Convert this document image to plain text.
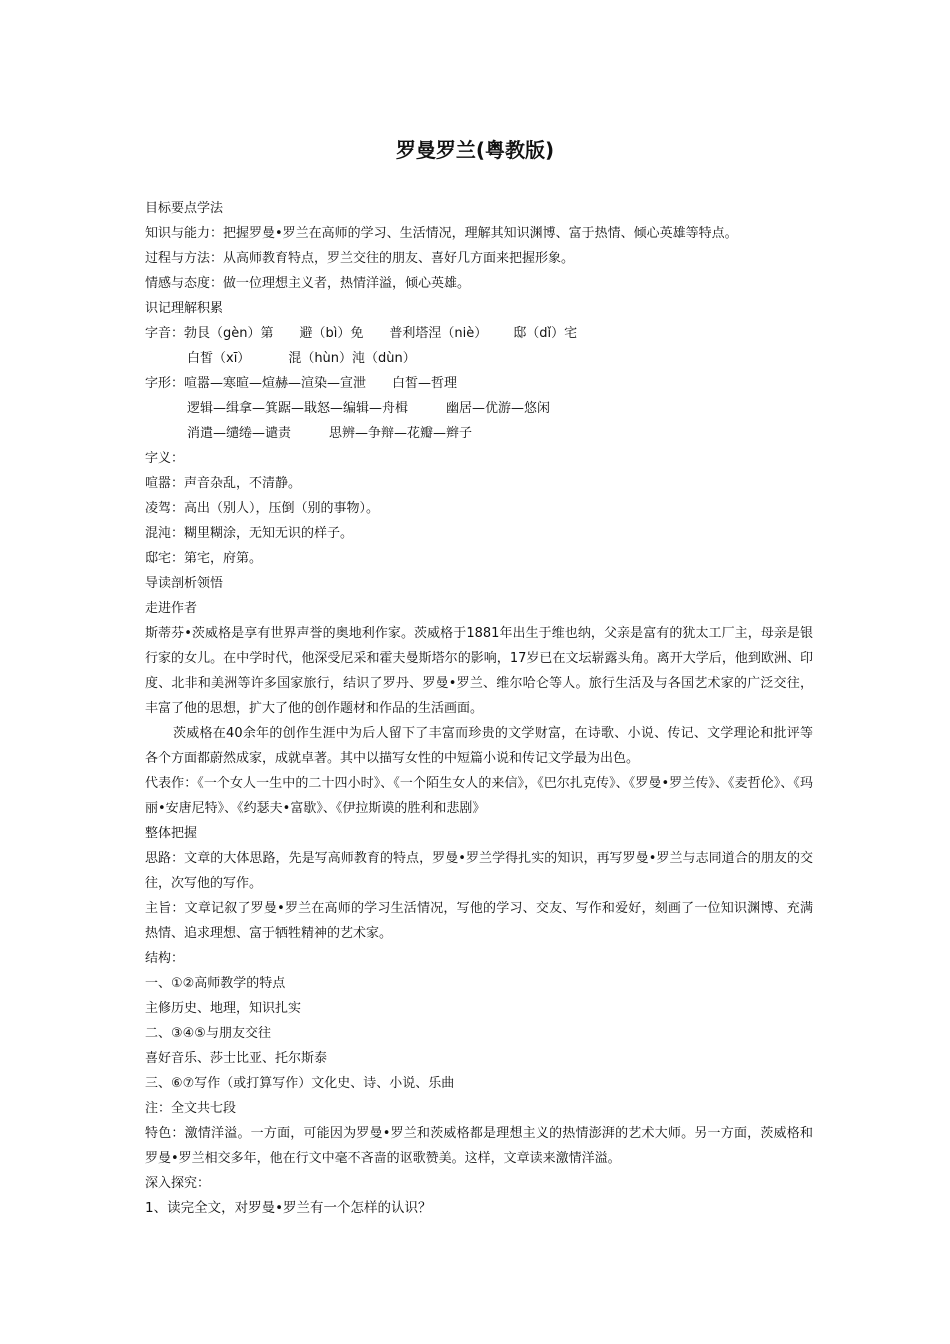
罗曼罗兰(粤教版)
目标要点学法
知识与能力：把握罗曼•罗兰在高师的学习、生活情况，理解其知识渊博、富于热情、倾心英雄等特点。
过程与方法：从高师教育特点，罗兰交往的朋友、喜好几方面来把握形象。
情感与态度：做一位理想主义者，热情洋溢，倾心英雄。
识记理解积累
字音：勃艮（gèn）第 避（bì）免 普利塔涅（niè） 邸（dǐ）宅
白皙（xī）	混（hùn）沌（dùn）
字形：喧嚣—寒暄—煊赫—渲染—宣泄 白皙—哲理
逻辑—缉拿—箕踞—戢怒—编辑—舟楫	幽居—优游—悠闲
消遣—缱绻—谴责	思辨—争辩—花瓣—辫子
字义：
喧嚣：声音杂乱，不清静。
凌驾：高出（别人），压倒（别的事物）。
混沌：糊里糊涂，无知无识的样子。
邸宅：第宅，府第。
导读剖析领悟
走进作者
斯蒂芬•茨威格是享有世界声誉的奥地利作家。茨威格于1881年出生于维也纳，父亲是富有的犹太工厂主，母亲是银行家的女儿。在中学时代，他深受尼采和霍夫曼斯塔尔的影响，17岁已在文坛崭露头角。离开大学后，他到欧洲、印度、北非和美洲等许多国家旅行，结识了罗丹、罗曼•罗兰、维尔哈仑等人。旅行生活及与各国艺术家的广泛交往，丰富了他的思想，扩大了他的创作题材和作品的生活画面。
茨威格在40余年的创作生涯中为后人留下了丰富而珍贵的文学财富，在诗歌、小说、传记、文学理论和批评等各个方面都蔚然成家，成就卓著。其中以描写女性的中短篇小说和传记文学最为出色。
代表作：《一个女人一生中的二十四小时》、《一个陌生女人的来信》，《巴尔扎克传》、《罗曼•罗兰传》、《麦哲伦》、《玛丽•安唐尼特》、《约瑟夫•富歇》、《伊拉斯谟的胜利和悲剧》
整体把握
思路：文章的大体思路，先是写高师教育的特点，罗曼•罗兰学得扎实的知识，再写罗曼•罗兰与志同道合的朋友的交往，次写他的写作。
主旨：文章记叙了罗曼•罗兰在高师的学习生活情况，写他的学习、交友、写作和爱好，刻画了一位知识渊博、充满热情、追求理想、富于牺牲精神的艺术家。
结构：
一、①②高师教学的特点
主修历史、地理，知识扎实
二、③④⑤与朋友交往
喜好音乐、莎士比亚、托尔斯泰
三、⑥⑦写作（或打算写作）文化史、诗、小说、乐曲
注：全文共七段
特色：激情洋溢。一方面，可能因为罗曼•罗兰和茨威格都是理想主义的热情澎湃的艺术大师。另一方面，茨威格和罗曼•罗兰相交多年，他在行文中毫不吝啬的讴歌赞美。这样，文章读来激情洋溢。
深入探究：
1、读完全文，对罗曼•罗兰有一个怎样的认识？
